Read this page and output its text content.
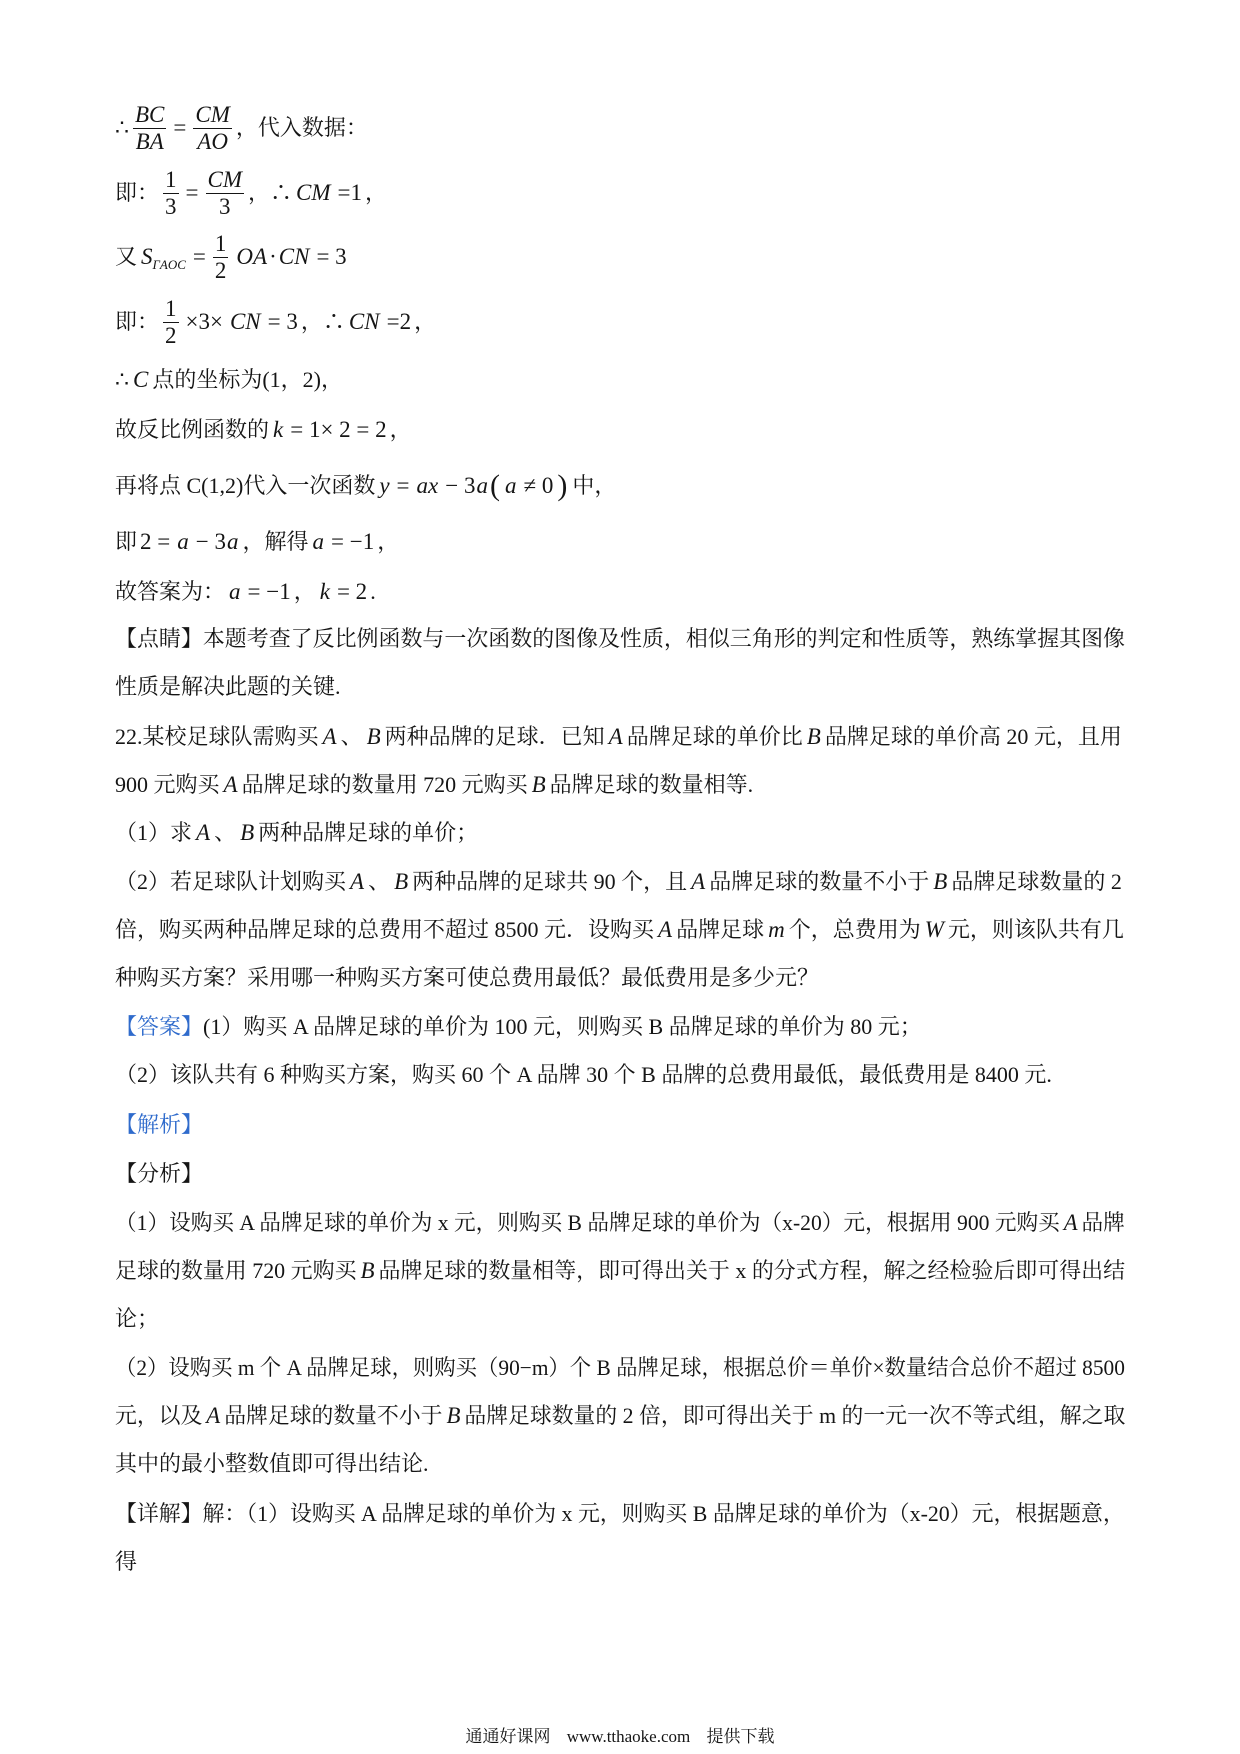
∴ $\frac{BC}{BA} = \frac{CM}{AO}$ ，代入数据：
即： $\frac{1}{3} = \frac{CM}{3}$ ，∴ CM =1 ，
又 S $\Gamma AOC = \frac{1}{2}$ OA · CN = 3
即： $\frac{1}{2} \times 3\times$ CN = 3 ，∴ CN =2 ，
∴ C 点的坐标为(1，2)，
故反比例函数的 k = 1× 2 = 2 ，
再将点 C(1,2)代入一次函数 y = ax − 3 a ( a ≠ 0 ) 中，
即 2 = a − 3 a ，解得 a = −1 ，
故答案为： a = −1 ， k = 2 .
【点睛】 本题考查了反比例函数与一次函数的图像及性质，相似三角形的判定和性质等，熟练掌握其图像
性质是解决此题的关键.
22.某校足球队需购买 A 、 B 两种品牌的足球．已知 A 品牌足球的单价比 B 品牌足球的单价高 20 元，且用
900 元购买 A 品牌足球的数量用 720 元购买 B 品牌足球的数量相等.
（1）求 A 、 B 两种品牌足球的单价；
（2）若足球队计划购买 A 、 B 两种品牌的足球共 90 个，且 A 品牌足球的数量不小于 B 品牌足球数量的 2
倍，购买两种品牌足球的总费用不超过 8500 元．设购买 A 品牌足球 m 个，总费用为 W 元，则该队共有几
种购买方案？采用哪一种购买方案可使总费用最低？最低费用是多少元？
【答案】 (1）购买 A 品牌足球的单价为 100 元，则购买 B 品牌足球的单价为 80 元；
（2）该队共有 6 种购买方案，购买 60 个 A 品牌 30 个 B 品牌的总费用最低，最低费用是 8400 元.
【解析】
【分析】
（1）设购买 A 品牌足球的单价为 x 元，则购买 B 品牌足球的单价为（x-20）元，根据用 900 元购买 A 品牌
足球的数量用 720 元购买 B 品牌足球的数量相等，即可得出关于 x 的分式方程，解之经检验后即可得出结
论；
（2）设购买 m 个 A 品牌足球，则购买（90−m）个 B 品牌足球，根据总价＝单价×数量结合总价不超过 8500
元，以及 A 品牌足球的数量不小于 B 品牌足球数量的 2 倍，即可得出关于 m 的一元一次不等式组，解之取
其中的最小整数值即可得出结论.
【详解】 解：（1）设购买 A 品牌足球的单价为 x 元，则购买 B 品牌足球的单价为（x-20）元，根据题意，
得
通通好课网 www.tthaoke.com 提供下载
